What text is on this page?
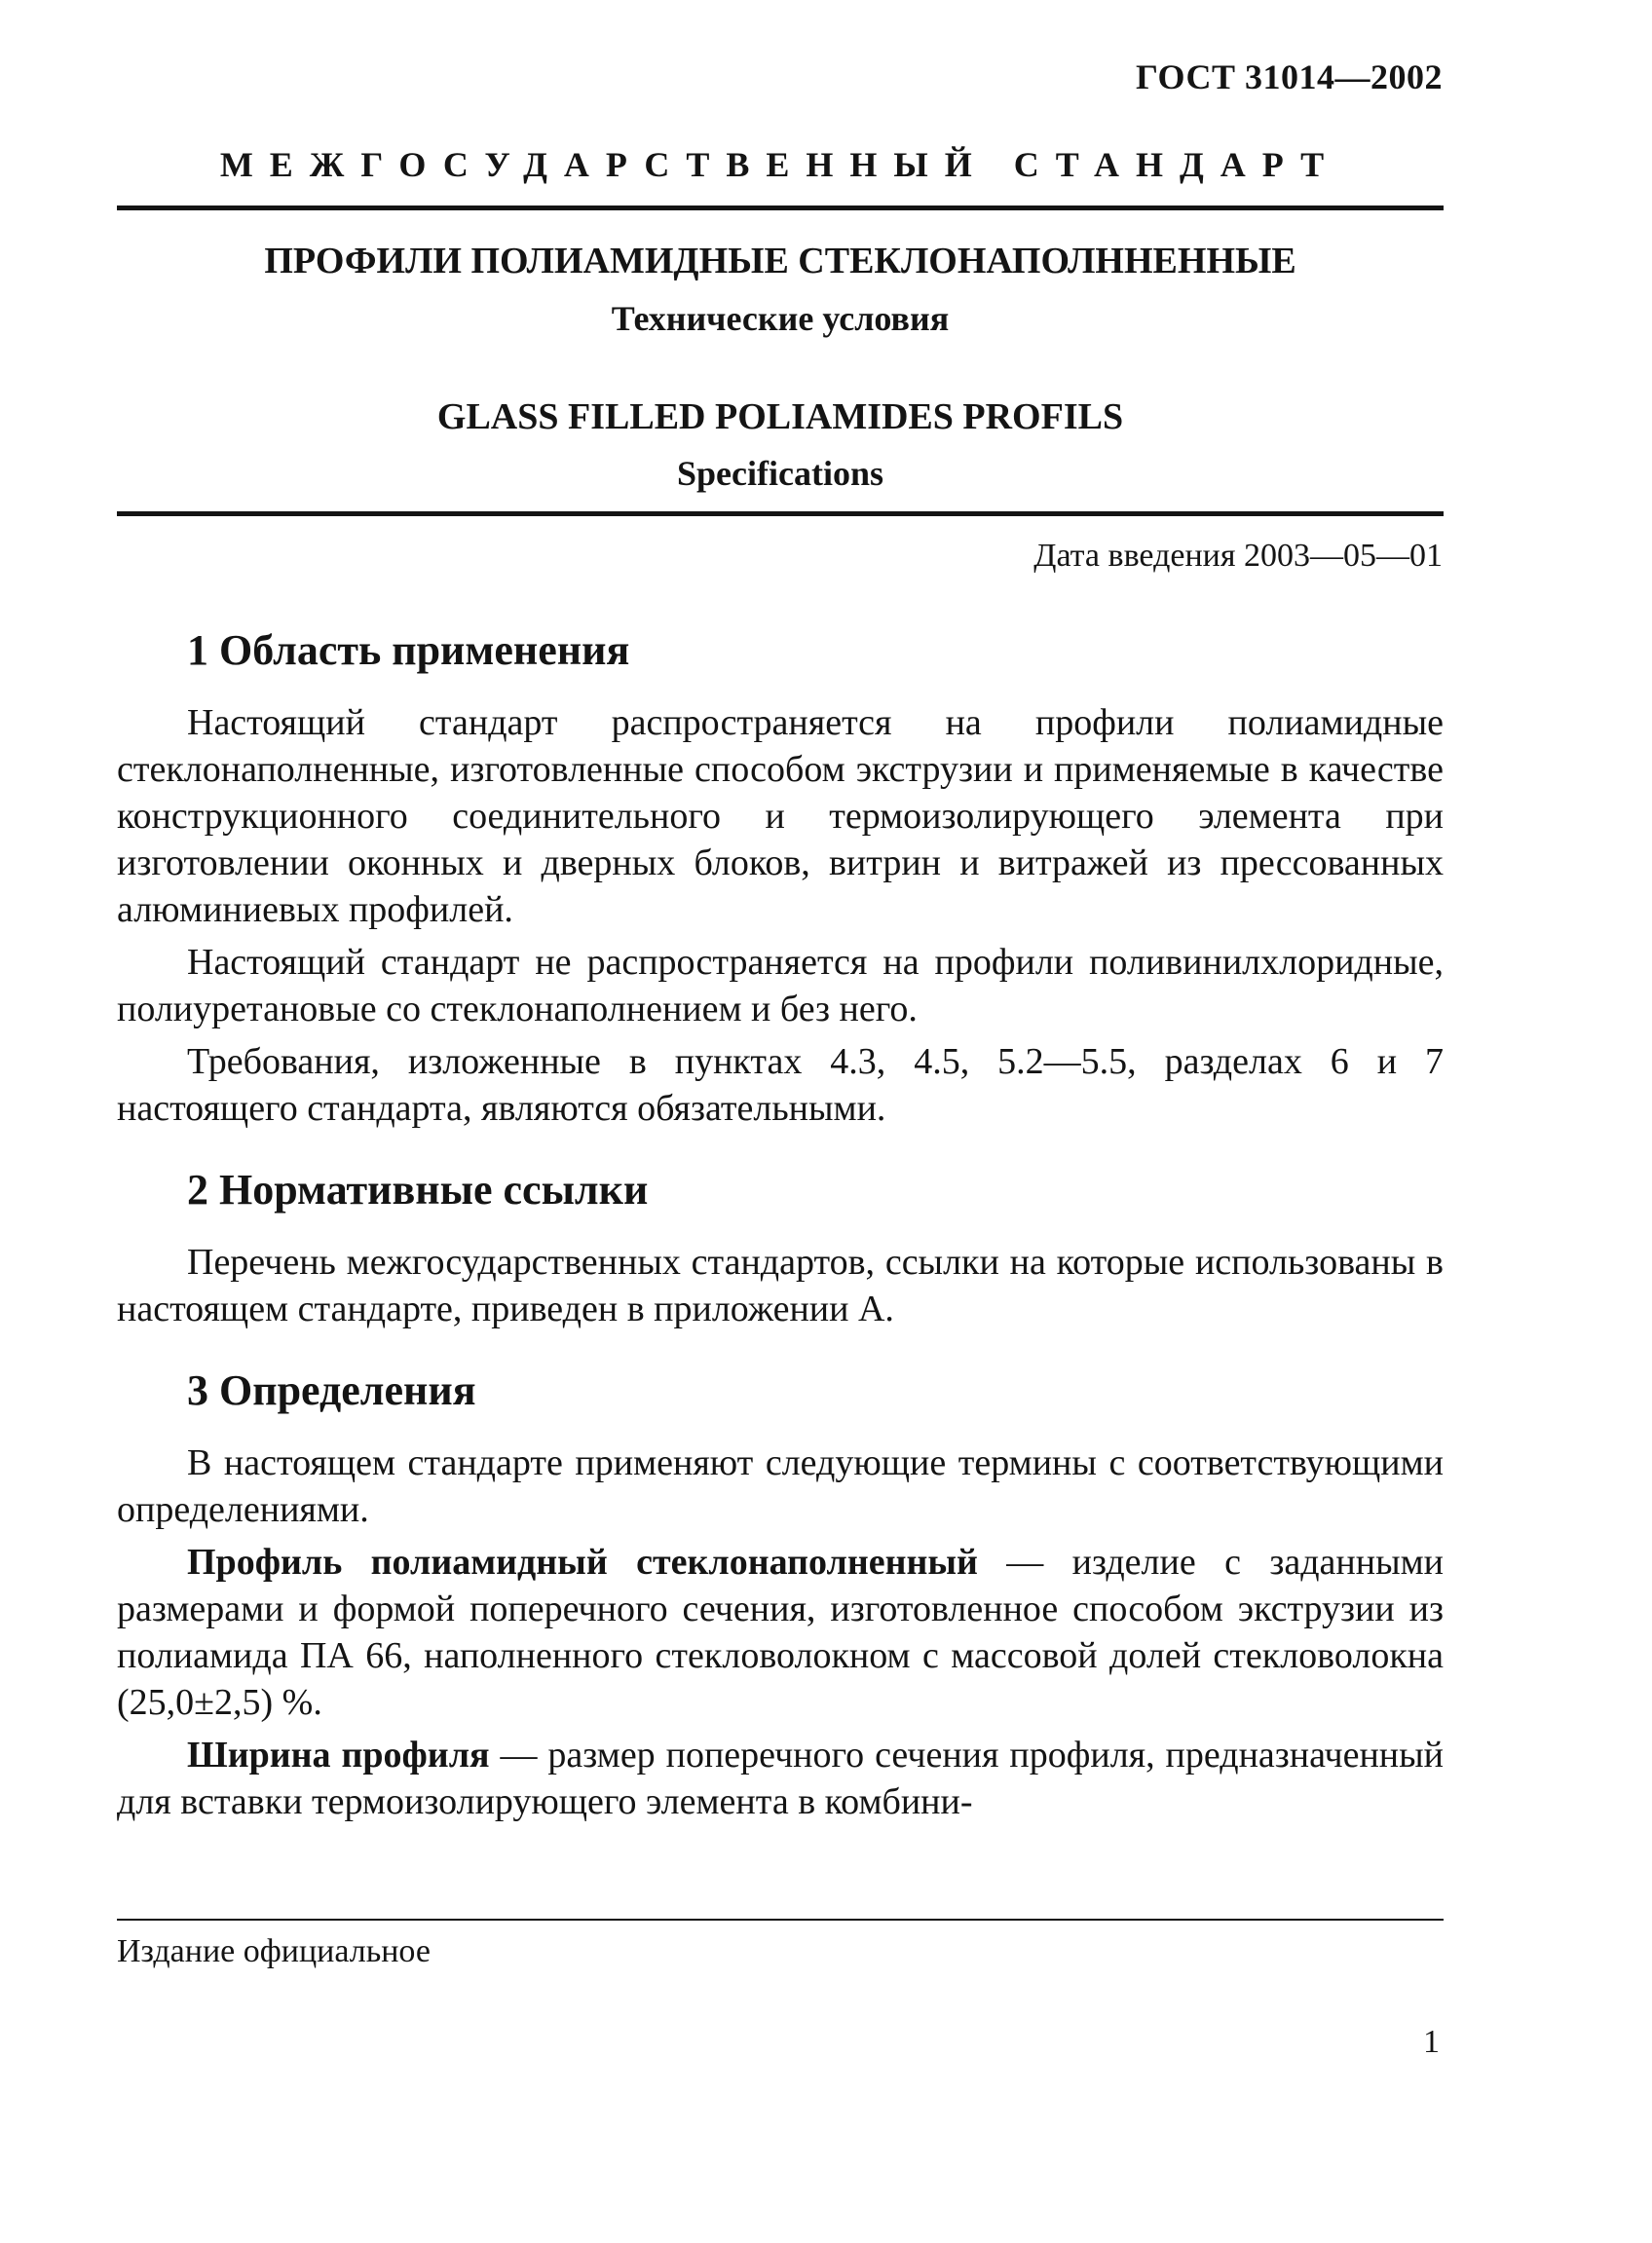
ГОСТ 31014—2002
МЕЖГОСУДАРСТВЕННЫЙ СТАНДАРТ
ПРОФИЛИ ПОЛИАМИДНЫЕ СТЕКЛОНАПОЛННЕННЫЕ
Технические условия
GLASS FILLED POLIAMIDES PROFILS
Specifications
Дата введения 2003—05—01
1 Область применения

Настоящий стандарт распространяется на профили полиамидные стеклонаполненные, изготовленные способом экструзии и применяемые в качестве конструкционного соединительного и термоизолирующего элемента при изготовлении оконных и дверных блоков, витрин и витражей из прессованных алюминиевых профилей.

Настоящий стандарт не распространяется на профили поливинилхлоридные, полиуретановые со стеклонаполнением и без него.

Требования, изложенные в пунктах 4.3, 4.5, 5.2—5.5, разделах 6 и 7 настоящего стандарта, являются обязательными.

2 Нормативные ссылки

Перечень межгосударственных стандартов, ссылки на которые использованы в настоящем стандарте, приведен в приложении А.

3 Определения

В настоящем стандарте применяют следующие термины с соответствующими определениями.

Профиль полиамидный стеклонаполненный — изделие с заданными размерами и формой поперечного сечения, изготовленное способом экструзии из полиамида ПА 66, наполненного стекловолокном с массовой долей стекловолокна (25,0±2,5) %.

Ширина профиля — размер поперечного сечения профиля, предназначенный для вставки термоизолирующего элемента в комбини-

Издание официальное
1
